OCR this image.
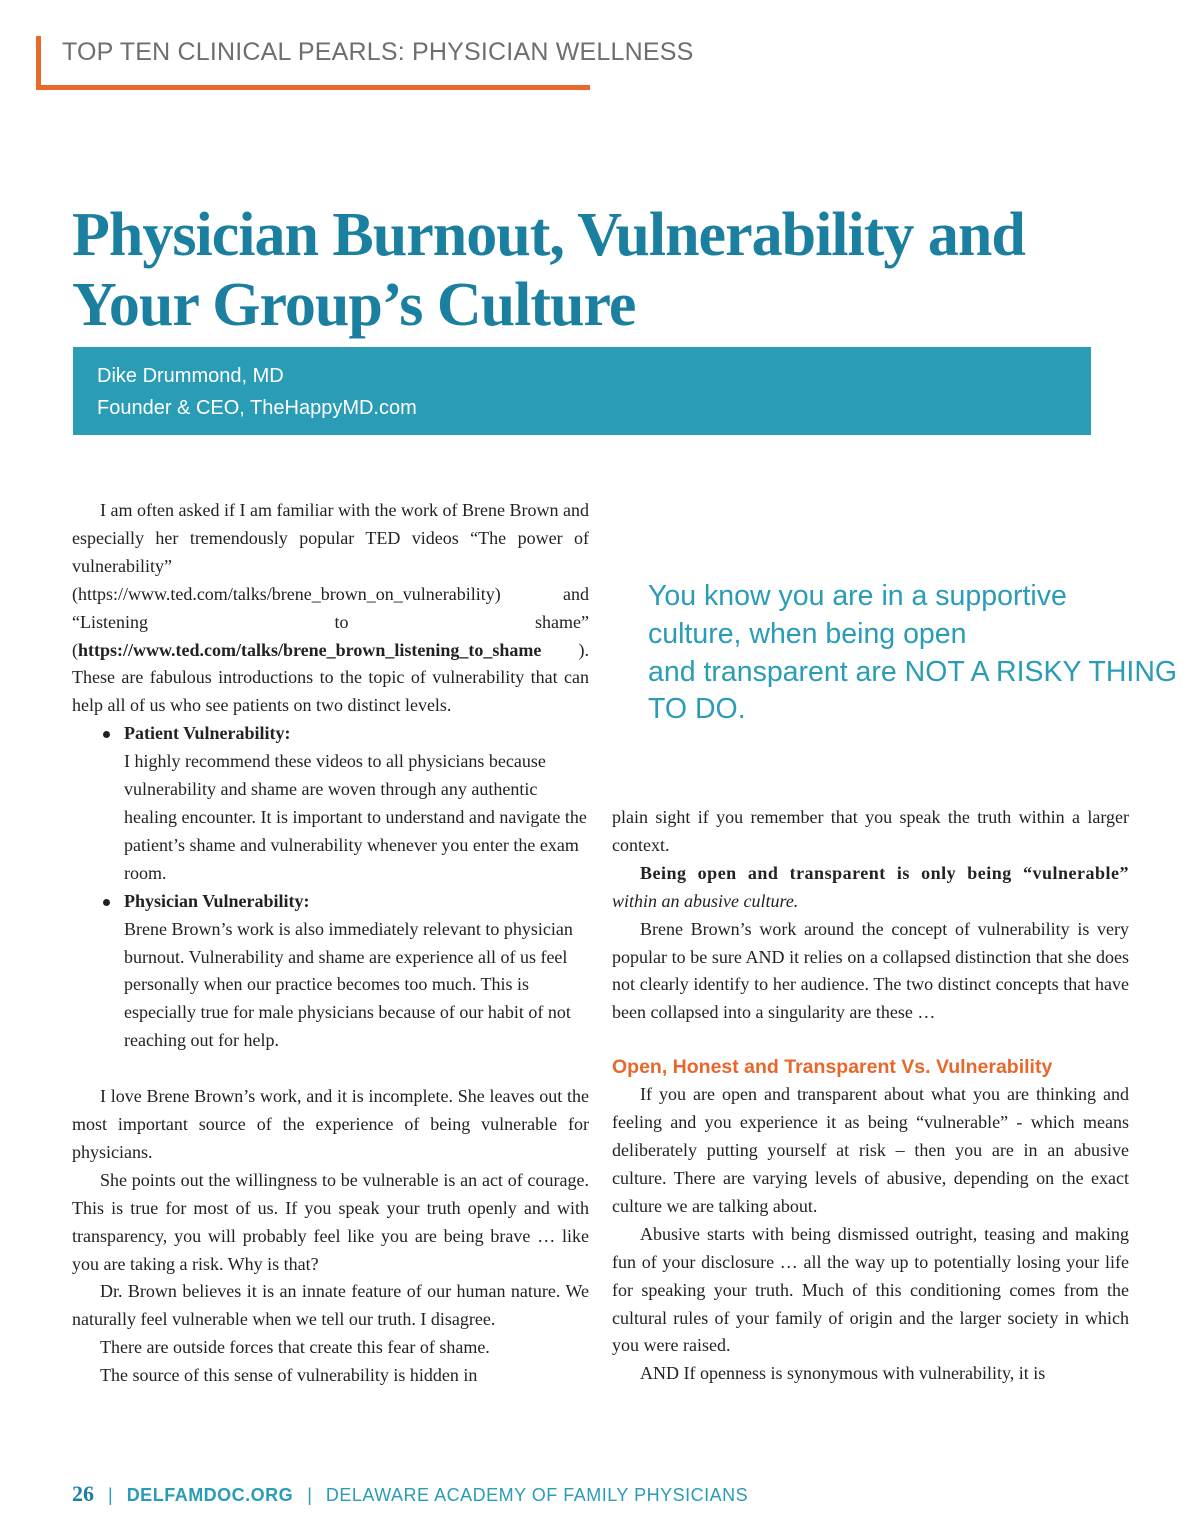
TOP TEN CLINICAL PEARLS: PHYSICIAN WELLNESS
Physician Burnout, Vulnerability and
Your Group’s Culture
Dike Drummond, MD
Founder & CEO, TheHappyMD.com

I am often asked if I am familiar with the work of Brene Brown and especially her tremendously popular TED videos “The power of vulnerability” (https://www.ted.com/talks/brene_brown_on_vulnerability) and “Listening to shame” (https://www.ted.com/talks/brene_brown_listening_to_shame ). These are fabulous introductions to the topic of vulnerability that can help all of us who see patients on two distinct levels.

Patient Vulnerability:
I highly recommend these videos to all physicians because vulnerability and shame are woven through any authentic healing encounter. It is important to understand and navigate the patient’s shame and vulnerability whenever you enter the exam room.
Physician Vulnerability:
Brene Brown’s work is also immediately relevant to physician burnout. Vulnerability and shame are experience all of us feel personally when our practice becomes too much. This is especially true for male physicians because of our habit of not reaching out for help.

I love Brene Brown’s work, and it is incomplete. She leaves out the most important source of the experience of being vulnerable for physicians.

She points out the willingness to be vulnerable is an act of courage. This is true for most of us. If you speak your truth openly and with transparency, you will probably feel like you are being brave … like you are taking a risk. Why is that?

Dr. Brown believes it is an innate feature of our human nature. We naturally feel vulnerable when we tell our truth. I disagree.

There are outside forces that create this fear of shame.

The source of this sense of vulnerability is hidden in

You know you are in a supportive
culture, when being open
and transparent are NOT A RISKY THING
TO DO.

plain sight if you remember that you speak the truth within a larger context.

Being open and transparent is only being “vulnerable” within an abusive culture.

Brene Brown’s work around the concept of vulnerability is very popular to be sure AND it relies on a collapsed distinction that she does not clearly identify to her audience. The two distinct concepts that have been collapsed into a singularity are these …

Open, Honest and Transparent Vs. Vulnerability

If you are open and transparent about what you are thinking and feeling and you experience it as being “vulnerable” - which means deliberately putting yourself at risk – then you are in an abusive culture. There are varying levels of abusive, depending on the exact culture we are talking about.

Abusive starts with being dismissed outright, teasing and making fun of your disclosure … all the way up to potentially losing your life for speaking your truth. Much of this conditioning comes from the cultural rules of your family of origin and the larger society in which you were raised.

AND If openness is synonymous with vulnerability, it is

26 | DELFAMDOC.ORG | DELAWARE ACADEMY OF FAMILY PHYSICIANS
